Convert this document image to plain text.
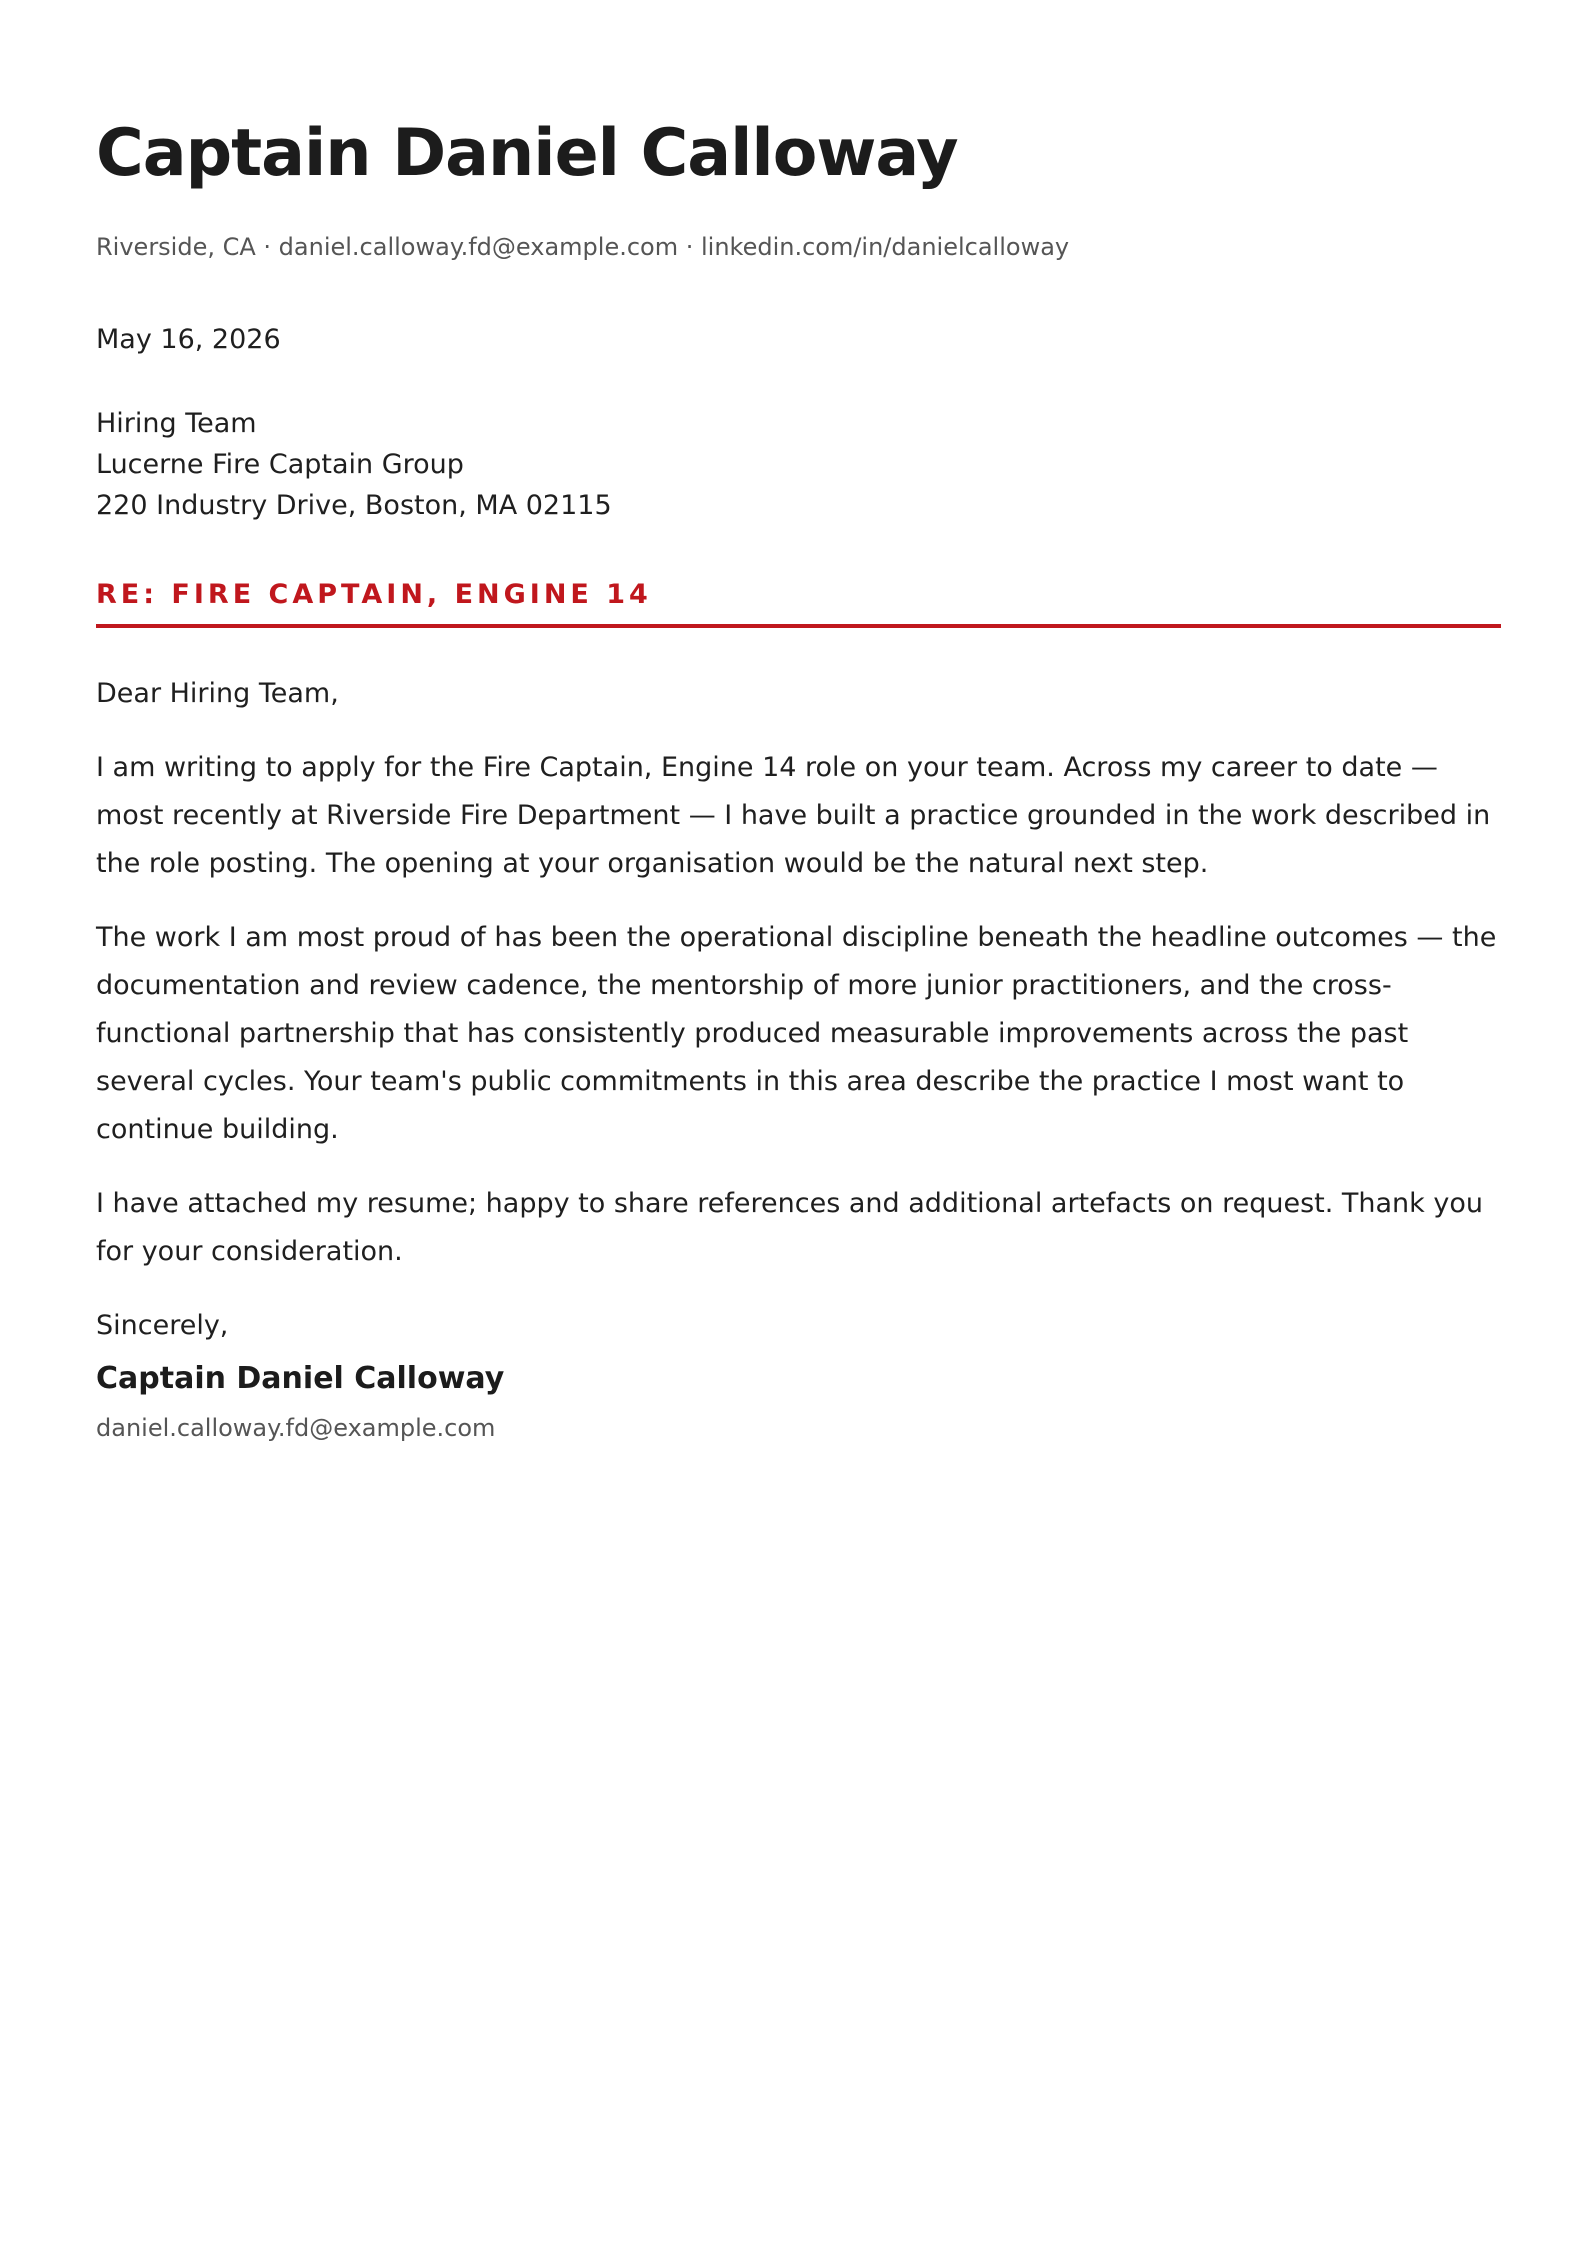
Captain Daniel Calloway
Riverside, CA · daniel.calloway.fd@example.com · linkedin.com/in/danielcalloway
May 16, 2026
Hiring Team
Lucerne Fire Captain Group
220 Industry Drive, Boston, MA 02115
RE: FIRE CAPTAIN, ENGINE 14

Dear Hiring Team,

I am writing to apply for the Fire Captain, Engine 14 role on your team. Across my career to date — most recently at Riverside Fire Department — I have built a practice grounded in the work described in the role posting. The opening at your organisation would be the natural next step.

The work I am most proud of has been the operational discipline beneath the headline outcomes — the documentation and review cadence, the mentorship of more junior practitioners, and the cross-functional partnership that has consistently produced measurable improvements across the past several cycles. Your team's public commitments in this area describe the practice I most want to continue building.

I have attached my resume; happy to share references and additional artefacts on request. Thank you for your consideration.

Sincerely,

Captain Daniel Calloway
daniel.calloway.fd@example.com
